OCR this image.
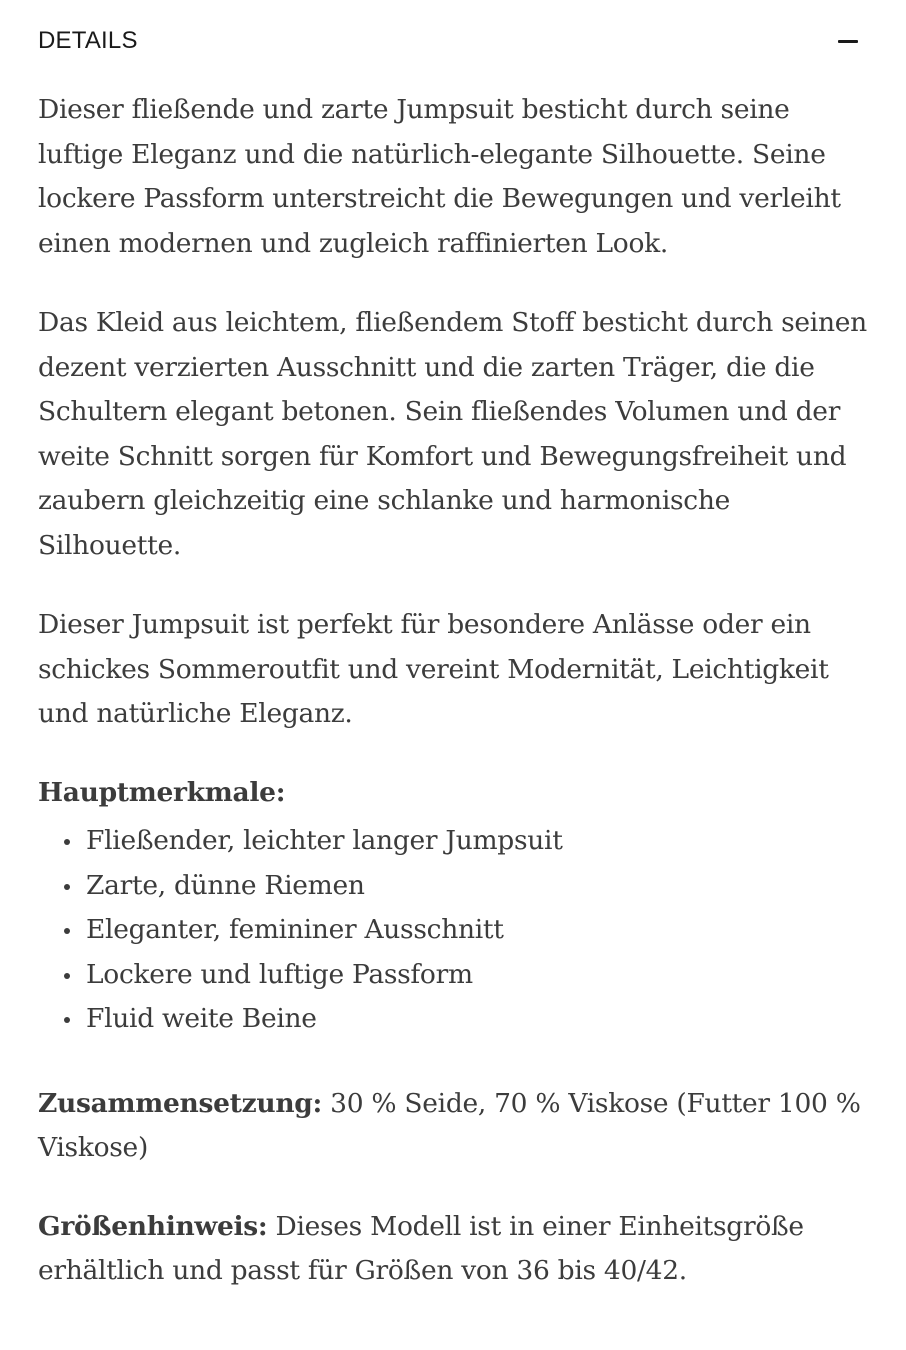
DETAILS

Dieser fließende und zarte Jumpsuit besticht durch seine luftige Eleganz und die natürlich-elegante Silhouette. Seine lockere Passform unterstreicht die Bewegungen und verleiht einen modernen und zugleich raffinierten Look.

Das Kleid aus leichtem, fließendem Stoff besticht durch seinen dezent verzierten Ausschnitt und die zarten Träger, die die Schultern elegant betonen. Sein fließendes Volumen und der weite Schnitt sorgen für Komfort und Bewegungsfreiheit und zaubern gleichzeitig eine schlanke und harmonische Silhouette.

Dieser Jumpsuit ist perfekt für besondere Anlässe oder ein schickes Sommeroutfit und vereint Modernität, Leichtigkeit und natürliche Eleganz.

Hauptmerkmale:

Fließender, leichter langer Jumpsuit
Zarte, dünne Riemen
Eleganter, femininer Ausschnitt
Lockere und luftige Passform
Fluid weite Beine

Zusammensetzung: 30 % Seide, 70 % Viskose (Futter 100 % Viskose)

Größenhinweis: Dieses Modell ist in einer Einheitsgröße erhältlich und passt für Größen von 36 bis 40/42.
